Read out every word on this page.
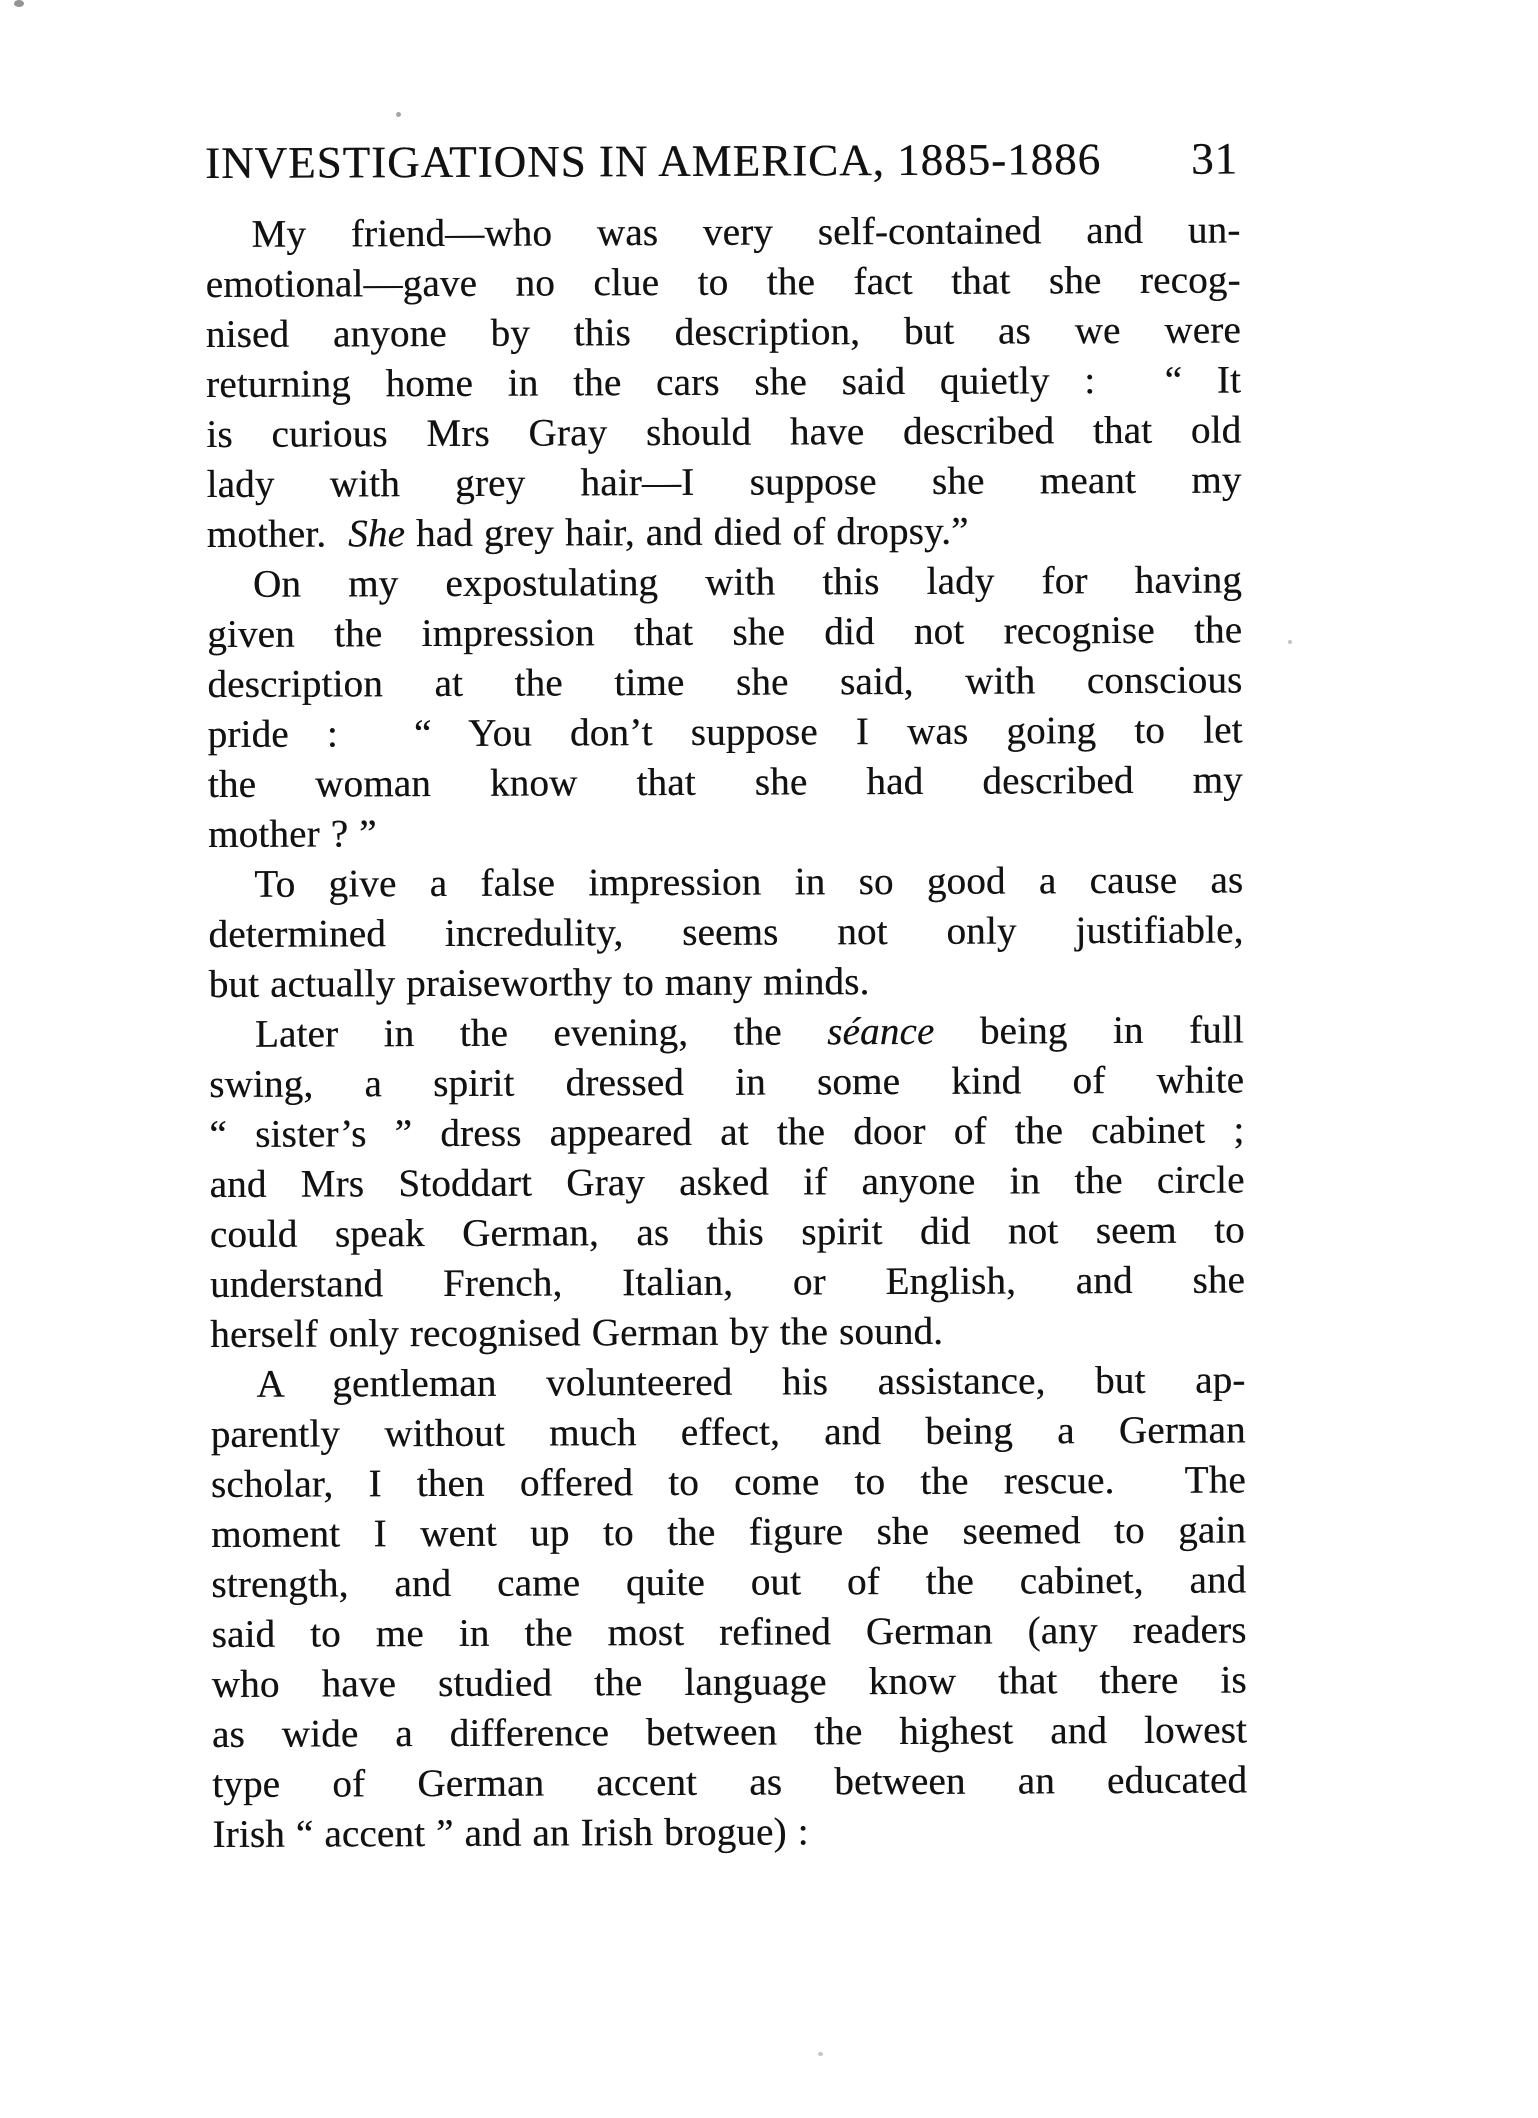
INVESTIGATIONS IN AMERICA, 1885-1886 31

My friend—who was very self-contained and un-
emotional—gave no clue to the fact that she recog-
nised anyone by this description, but as we were
returning home in the cars she said quietly :  “ It
is curious Mrs Gray should have described that old
lady with grey hair—I suppose she meant my
mother.  She had grey hair, and died of dropsy.”

On my expostulating with this lady for having
given the impression that she did not recognise the
description at the time she said, with conscious
pride :  “ You don’t suppose I was going to let
the woman know that she had described my
mother ? ”

To give a false impression in so good a cause as
determined incredulity, seems not only justifiable,
but actually praiseworthy to many minds.

Later in the evening, the séance being in full
swing, a spirit dressed in some kind of white
“ sister’s ” dress appeared at the door of the cabinet ;
and Mrs Stoddart Gray asked if anyone in the circle
could speak German, as this spirit did not seem to
understand French, Italian, or English, and she
herself only recognised German by the sound.

A gentleman volunteered his assistance, but ap-
parently without much effect, and being a German
scholar, I then offered to come to the rescue.  The
moment I went up to the figure she seemed to gain
strength, and came quite out of the cabinet, and
said to me in the most refined German (any readers
who have studied the language know that there is
as wide a difference between the highest and lowest
type of German accent as between an educated
Irish “ accent ” and an Irish brogue) :
